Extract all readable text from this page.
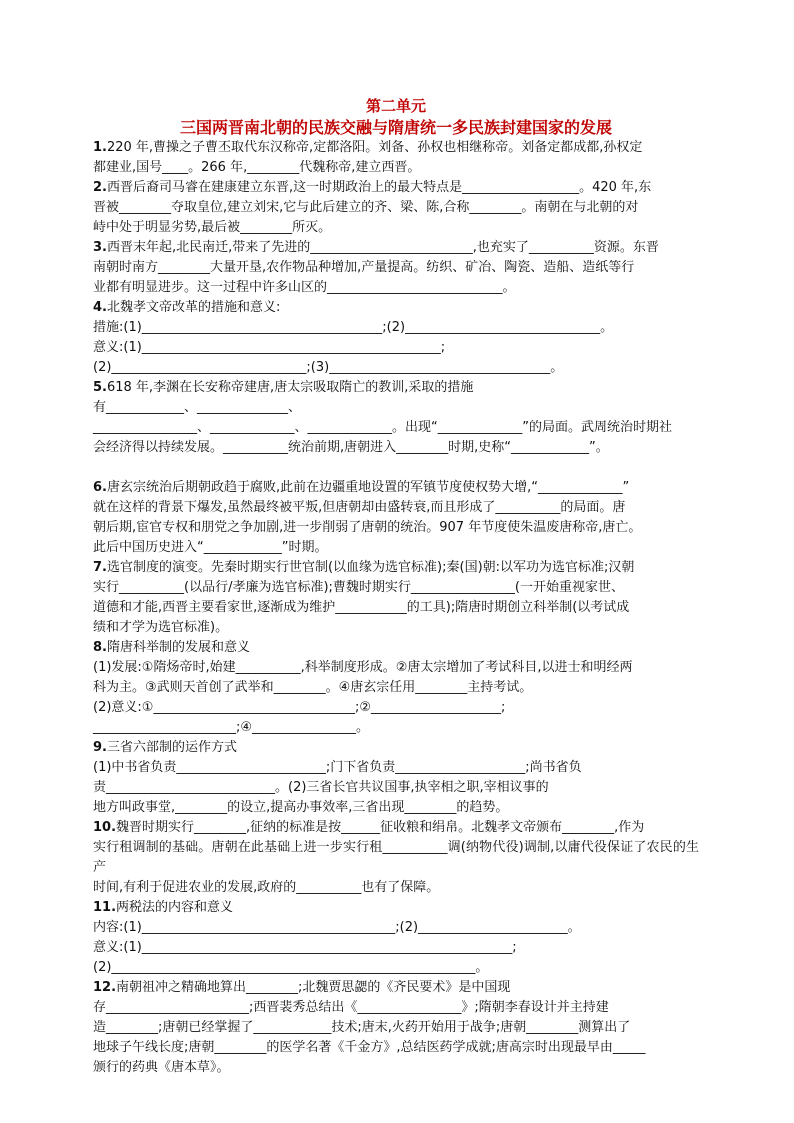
第二单元
三国两晋南北朝的民族交融与隋唐统一多民族封建国家的发展

1.220 年,曹操之子曹丕取代东汉称帝,定都洛阳。刘备、孙权也相继称帝。刘备定都成都,孙权定

都建业,国号____。266 年,________代魏称帝,建立西晋。

2.西晋后裔司马睿在建康建立东晋,这一时期政治上的最大特点是__________________。420 年,东

晋被________夺取皇位,建立刘宋,它与此后建立的齐、梁、陈,合称________。南朝在与北朝的对

峙中处于明显劣势,最后被________所灭。

3.西晋末年起,北民南迁,带来了先进的_________________________,也充实了__________资源。东晋

南朝时南方________大量开垦,农作物品种增加,产量提高。纺织、矿冶、陶瓷、造船、造纸等行

业都有明显进步。这一过程中许多山区的___________________________。

4.北魏孝文帝改革的措施和意义:

措施:(1)_____________________________________;(2)______________________________。

意义:(1)______________________________________________;

(2)______________________________;(3)__________________________________。

5.618 年,李渊在长安称帝建唐,唐太宗吸取隋亡的教训,采取的措施

有____________、______________、

________________、_____________、_____________。出现“_____________”的局面。武周统治时期社

会经济得以持续发展。__________统治前期,唐朝进入________时期,史称“____________”。

6.唐玄宗统治后期朝政趋于腐败,此前在边疆重地设置的军镇节度使权势大增,“_____________”

就在这样的背景下爆发,虽然最终被平叛,但唐朝却由盛转衰,而且形成了__________的局面。唐

朝后期,宦官专权和朋党之争加剧,进一步削弱了唐朝的统治。907 年节度使朱温废唐称帝,唐亡。

此后中国历史进入“____________”时期。

7.选官制度的演变。先秦时期实行世官制(以血缘为选官标准);秦(国)朝:以军功为选官标准;汉朝

实行__________(以品行/孝廉为选官标准);曹魏时期实行________________(一开始重视家世、

道德和才能,西晋主要看家世,逐渐成为维护___________的工具);隋唐时期创立科举制(以考试成

绩和才学为选官标准)。

8.隋唐科举制的发展和意义

(1)发展:①隋炀帝时,始建__________,科举制度形成。②唐太宗增加了考试科目,以进士和明经两

科为主。③武则天首创了武举和________。④唐玄宗任用________主持考试。

(2)意义:①_______________________________;②____________________;

______________________;④________________。

9.三省六部制的运作方式

(1)中书省负责_______________________;门下省负责____________________;尚书省负

责__________________________。(2)三省长官共议国事,执宰相之职,宰相议事的

地方叫政事堂,________的设立,提高办事效率,三省出现________的趋势。

10.魏晋时期实行________,征纳的标准是按______征收粮和绢帛。北魏孝文帝颁布________,作为

实行租调制的基础。唐朝在此基础上进一步实行租__________调(纳物代役)调制,以庸代役保证了农民的生产

时间,有利于促进农业的发展,政府的__________也有了保障。

11.两税法的内容和意义

内容:(1)_______________________________________;(2)_______________________。

意义:(1)_________________________________________________________;

(2)________________________________________________________。

12.南朝祖冲之精确地算出________;北魏贾思勰的《齐民要术》是中国现

存______________________;西晋裴秀总结出《________________》;隋朝李春设计并主持建

造________;唐朝已经掌握了____________技术;唐末,火药开始用于战争;唐朝________测算出了

地球子午线长度;唐朝________的医学名著《千金方》,总结医药学成就;唐高宗时出现最早由_____

颁行的药典《唐本草》。
